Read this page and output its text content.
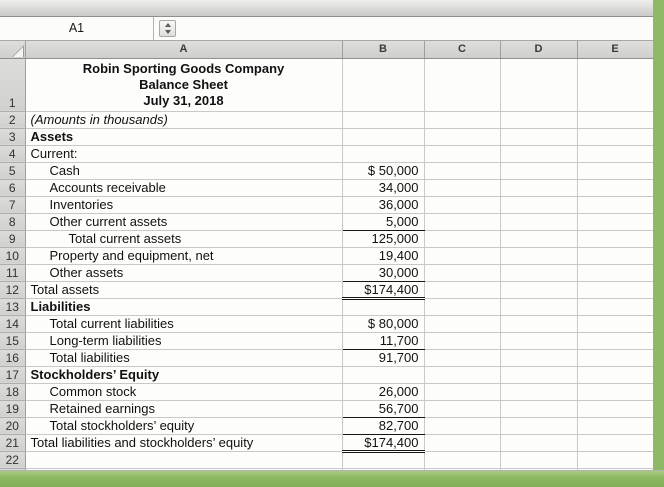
A1
	A	B	C	D	E
1	Robin Sporting Goods Company
Balance Sheet
July 31, 2018				

2	(Amounts in thousands)				
3	Assets				
4	Current:				
5	Cash	$ 50,000			
6	Accounts receivable	34,000			
7	Inventories	36,000			
8	Other current assets	5,000			
9	Total current assets	125,000			
10	Property and equipment, net	19,400			
11	Other assets	30,000			
12	Total assets	$174,400			
13	Liabilities				
14	Total current liabilities	$ 80,000			
15	Long-term liabilities	11,700			
16	Total liabilities	91,700			
17	Stockholders’ Equity				
18	Common stock	26,000			
19	Retained earnings	56,700			
20	Total stockholders’ equity	82,700			
21	Total liabilities and stockholders’ equity	$174,400			
22					
